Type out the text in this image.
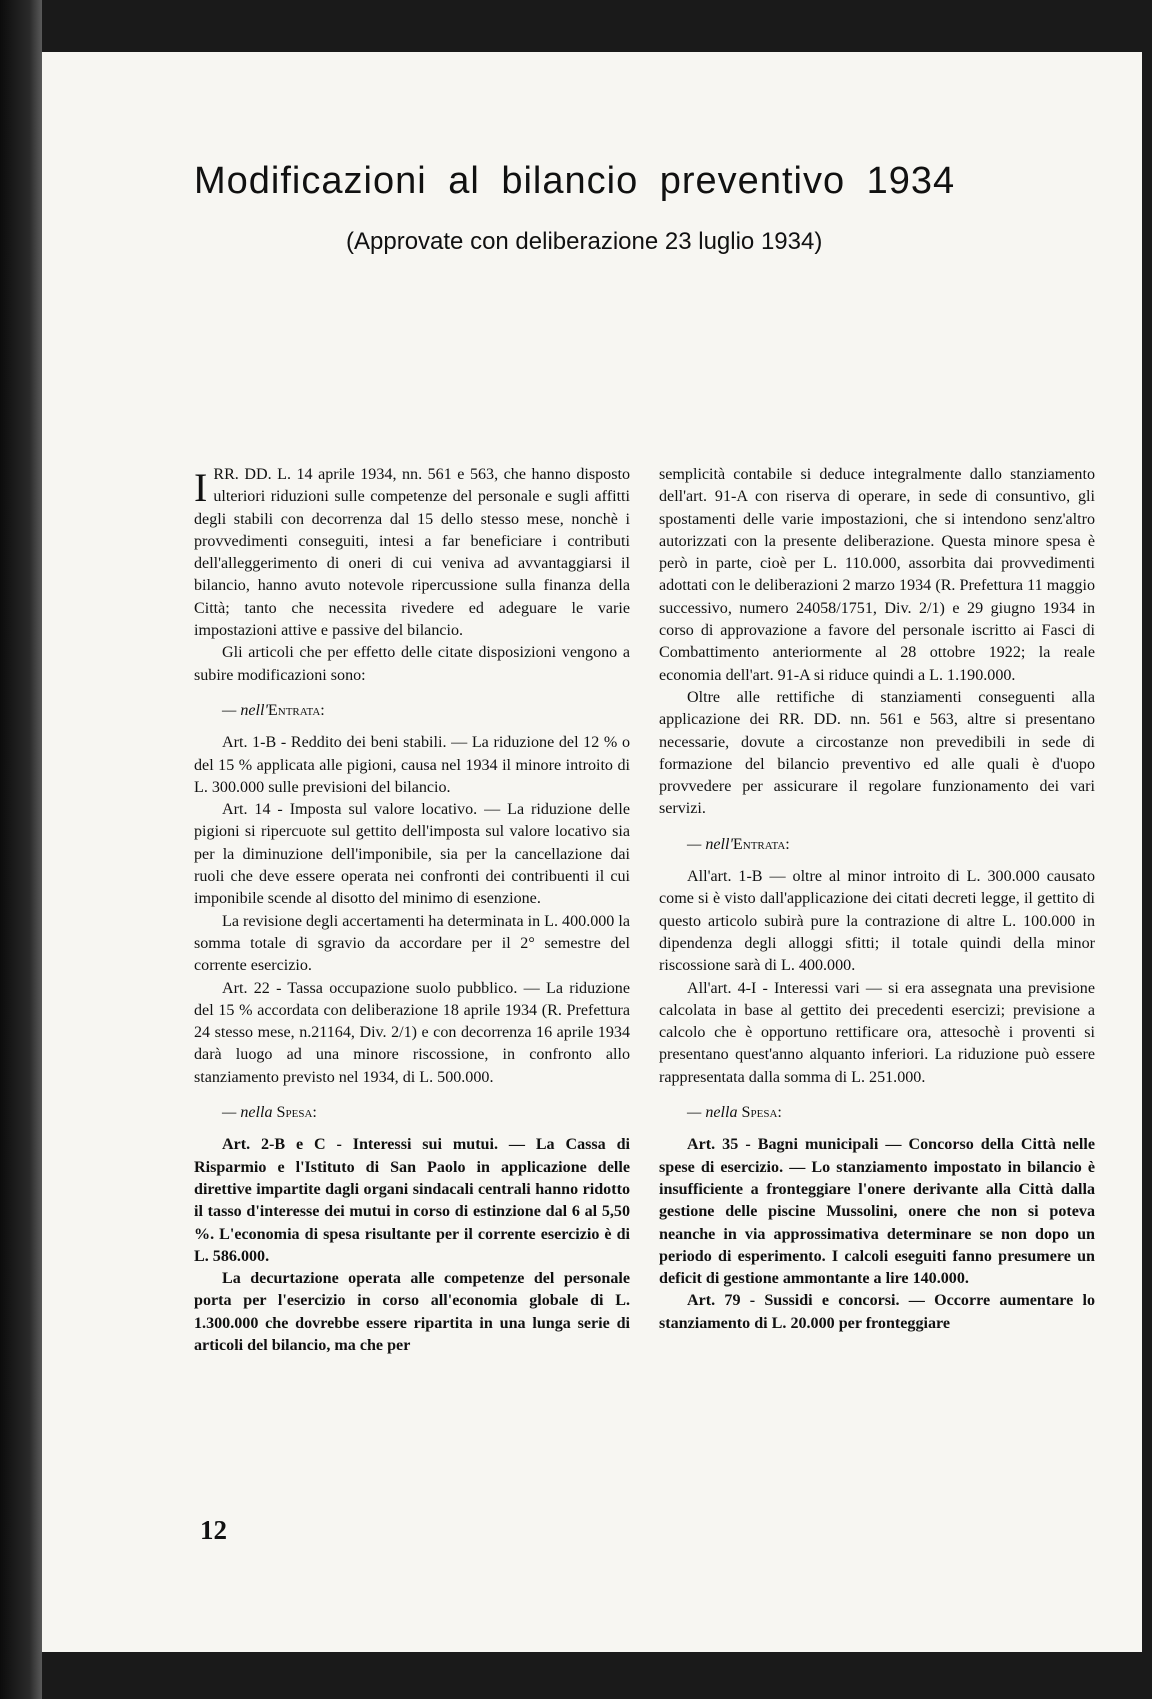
Modificazioni al bilancio preventivo 1934
(Approvate con deliberazione 23 luglio 1934)

IRR. DD. L. 14 aprile 1934, nn. 561 e 563, che hanno disposto ulteriori riduzioni sulle competenze del personale e sugli affitti degli stabili con decorrenza dal 15 dello stesso mese, nonchè i provvedimenti conseguiti, intesi a far beneficiare i contributi dell'alleggerimento di oneri di cui veniva ad avvantaggiarsi il bilancio, hanno avuto notevole ripercussione sulla finanza della Città; tanto che necessita rivedere ed adeguare le varie impostazioni attive e passive del bilancio.

Gli articoli che per effetto delle citate disposizioni vengono a subire modificazioni sono:

— nell'Entrata:

Art. 1-B - Reddito dei beni stabili. — La riduzione del 12 % o del 15 % applicata alle pigioni, causa nel 1934 il minore introito di L. 300.000 sulle previsioni del bilancio.

Art. 14 - Imposta sul valore locativo. — La riduzione delle pigioni si ripercuote sul gettito dell'imposta sul valore locativo sia per la diminuzione dell'imponibile, sia per la cancellazione dai ruoli che deve essere operata nei confronti dei contribuenti il cui imponibile scende al disotto del minimo di esenzione.

La revisione degli accertamenti ha determinata in L. 400.000 la somma totale di sgravio da accordare per il 2° semestre del corrente esercizio.

Art. 22 - Tassa occupazione suolo pubblico. — La riduzione del 15 % accordata con deliberazione 18 aprile 1934 (R. Prefettura 24 stesso mese, n.21164, Div. 2/1) e con decorrenza 16 aprile 1934 darà luogo ad una minore riscossione, in confronto allo stanziamento previsto nel 1934, di L. 500.000.

— nella Spesa:

Art. 2-B e C - Interessi sui mutui. — La Cassa di Risparmio e l'Istituto di San Paolo in applicazione delle direttive impartite dagli organi sindacali centrali hanno ridotto il tasso d'interesse dei mutui in corso di estinzione dal 6 al 5,50 %. L'economia di spesa risultante per il corrente esercizio è di L. 586.000.

La decurtazione operata alle competenze del personale porta per l'esercizio in corso all'economia globale di L. 1.300.000 che dovrebbe essere ripartita in una lunga serie di articoli del bilancio, ma che per

semplicità contabile si deduce integralmente dallo stanziamento dell'art. 91-A con riserva di operare, in sede di consuntivo, gli spostamenti delle varie impostazioni, che si intendono senz'altro autorizzati con la presente deliberazione. Questa minore spesa è però in parte, cioè per L. 110.000, assorbita dai provvedimenti adottati con le deliberazioni 2 marzo 1934 (R. Prefettura 11 maggio successivo, numero 24058/1751, Div. 2/1) e 29 giugno 1934 in corso di approvazione a favore del personale iscritto ai Fasci di Combattimento anteriormente al 28 ottobre 1922; la reale economia dell'art. 91-A si riduce quindi a L. 1.190.000.

Oltre alle rettifiche di stanziamenti conseguenti alla applicazione dei RR. DD. nn. 561 e 563, altre si presentano necessarie, dovute a circostanze non prevedibili in sede di formazione del bilancio preventivo ed alle quali è d'uopo provvedere per assicurare il regolare funzionamento dei vari servizi.

— nell'Entrata:

All'art. 1-B — oltre al minor introito di L. 300.000 causato come si è visto dall'applicazione dei citati decreti legge, il gettito di questo articolo subirà pure la contrazione di altre L. 100.000 in dipendenza degli alloggi sfitti; il totale quindi della minor riscossione sarà di L. 400.000.

All'art. 4-I - Interessi vari — si era assegnata una previsione calcolata in base al gettito dei precedenti esercizi; previsione a calcolo che è opportuno rettificare ora, attesochè i proventi si presentano quest'anno alquanto inferiori. La riduzione può essere rappresentata dalla somma di L. 251.000.

— nella Spesa:

Art. 35 - Bagni municipali — Concorso della Città nelle spese di esercizio. — Lo stanziamento impostato in bilancio è insufficiente a fronteggiare l'onere derivante alla Città dalla gestione delle piscine Mussolini, onere che non si poteva neanche in via approssimativa determinare se non dopo un periodo di esperimento. I calcoli eseguiti fanno presumere un deficit di gestione ammontante a lire 140.000.

Art. 79 - Sussidi e concorsi. — Occorre aumentare lo stanziamento di L. 20.000 per fronteggiare

12
